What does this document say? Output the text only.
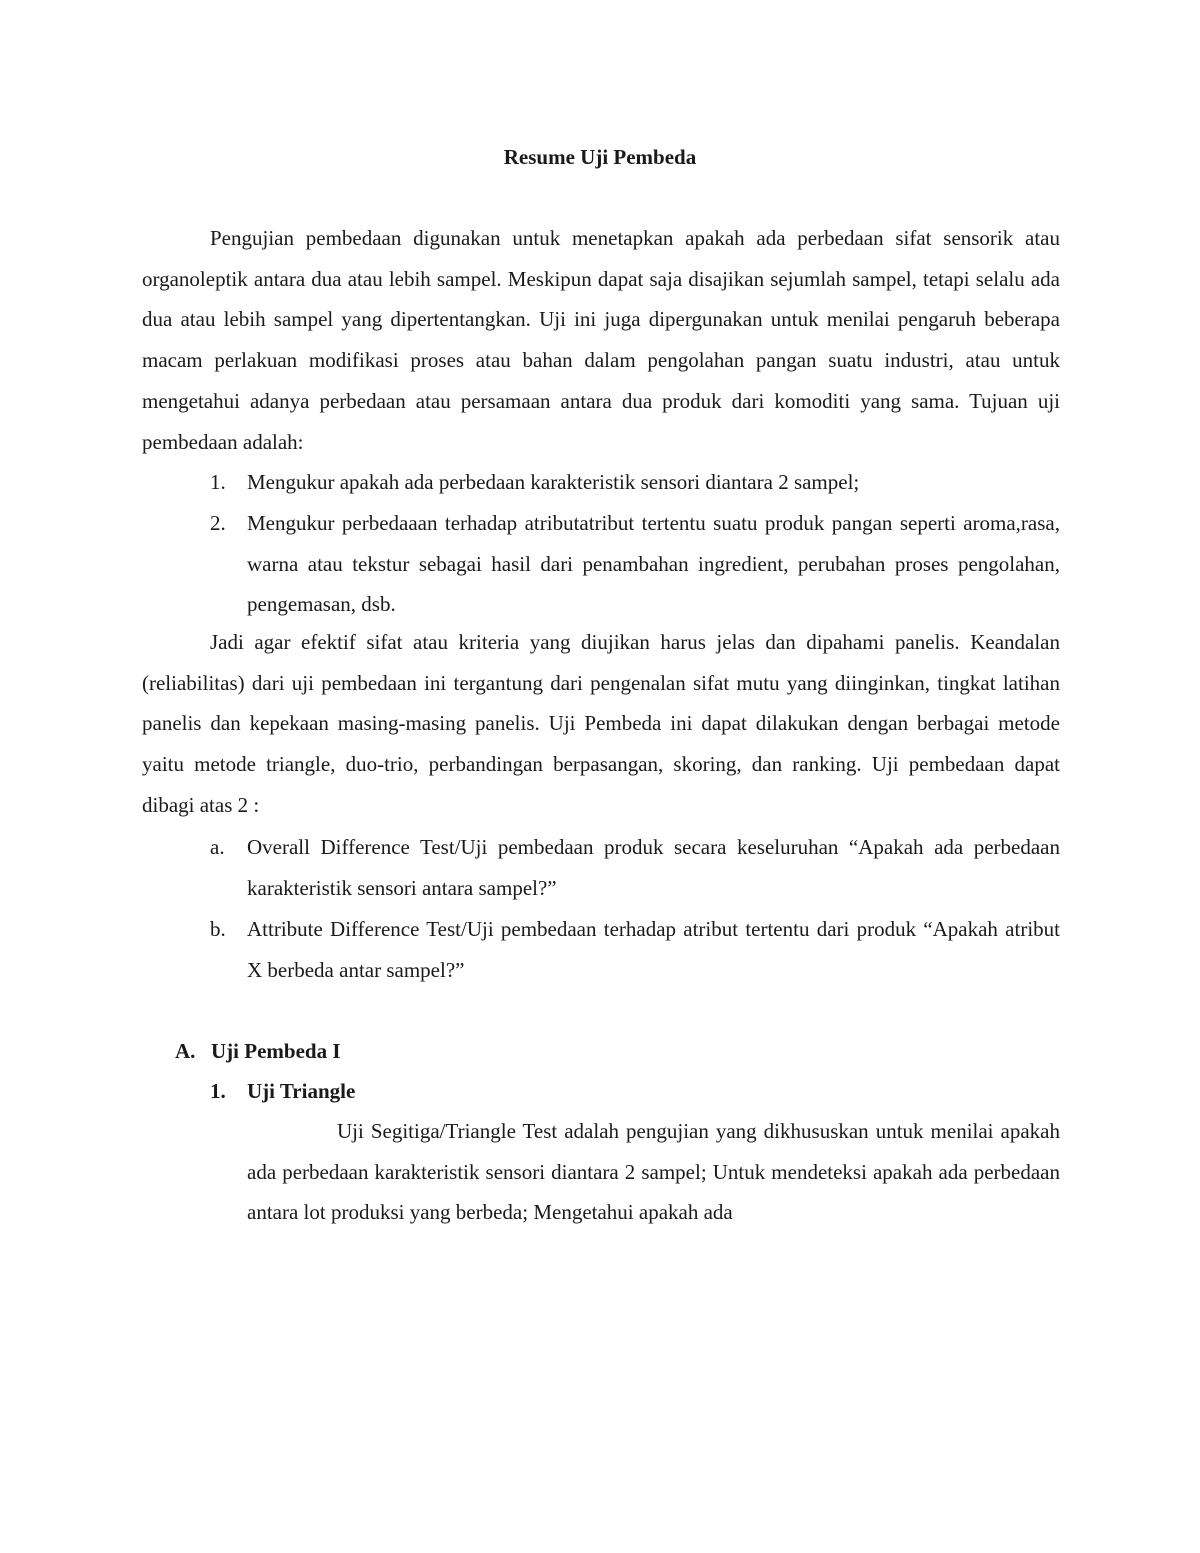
Resume Uji Pembeda

Pengujian pembedaan digunakan untuk menetapkan apakah ada perbedaan sifat sensorik atau organoleptik antara dua atau lebih sampel. Meskipun dapat saja disajikan sejumlah sampel, tetapi selalu ada dua atau lebih sampel yang dipertentangkan. Uji ini juga dipergunakan untuk menilai pengaruh beberapa macam perlakuan modifikasi proses atau bahan dalam pengolahan pangan suatu industri, atau untuk mengetahui adanya perbedaan atau persamaan antara dua produk dari komoditi yang sama. Tujuan uji pembedaan adalah:

1.	Mengukur apakah ada perbedaan karakteristik sensori diantara 2 sampel;
2.	Mengukur perbedaaan terhadap atributatribut tertentu suatu produk pangan seperti aroma,rasa, warna atau tekstur sebagai hasil dari penambahan ingredient, perubahan proses pengolahan, pengemasan, dsb.

Jadi agar efektif sifat atau kriteria yang diujikan harus jelas dan dipahami panelis. Keandalan (reliabilitas) dari uji pembedaan ini tergantung dari pengenalan sifat mutu yang diinginkan, tingkat latihan panelis dan kepekaan masing-masing panelis. Uji Pembeda ini dapat dilakukan dengan berbagai metode yaitu metode triangle, duo-trio, perbandingan berpasangan, skoring, dan ranking. Uji pembedaan dapat dibagi atas 2 :

a.	Overall Difference Test/Uji pembedaan produk secara keseluruhan “Apakah ada perbedaan karakteristik sensori antara sampel?”
b.	Attribute Difference Test/Uji pembedaan terhadap atribut tertentu dari produk “Apakah atribut X berbeda antar sampel?”
A. Uji Pembeda I
1. Uji Triangle

Uji Segitiga/Triangle Test adalah pengujian yang dikhususkan untuk menilai apakah ada perbedaan karakteristik sensori diantara 2 sampel; Untuk mendeteksi apakah ada perbedaan antara lot produksi yang berbeda; Mengetahui apakah ada
